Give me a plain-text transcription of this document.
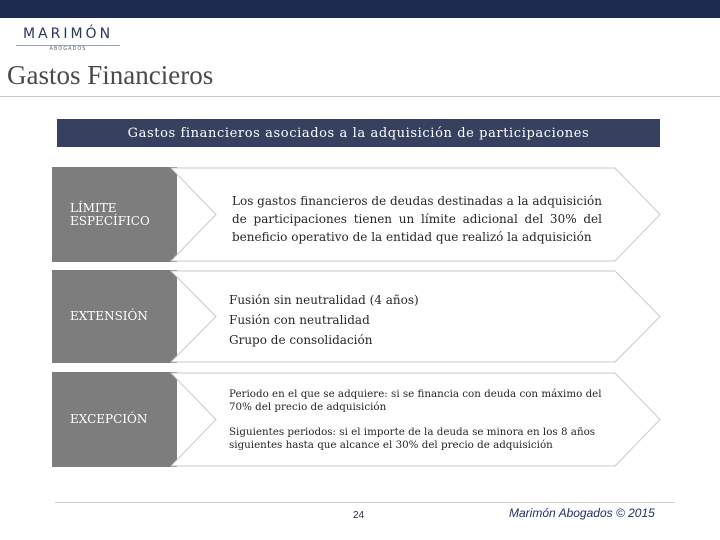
MARIMÓN
ABOGADOS
Gastos Financieros
Gastos financieros asociados a la adquisición de participaciones
LÍMITE ESPECÍFICO
Los gastos financieros de deudas destinadas a la adquisición de participaciones tienen un límite adicional del 30% del beneficio operativo de la entidad que realizó la adquisición
EXTENSIÓN
Fusión sin neutralidad (4 años)
Fusión con neutralidad
Grupo de consolidación
EXCEPCIÓN
Periodo en el que se adquiere: si se financia con deuda con máximo del 70% del precio de adquisición
Siguientes periodos: si el importe de la deuda se minora en los 8 años siguientes hasta que alcance el 30% del precio de adquisición
24	Marimón Abogados © 2015
